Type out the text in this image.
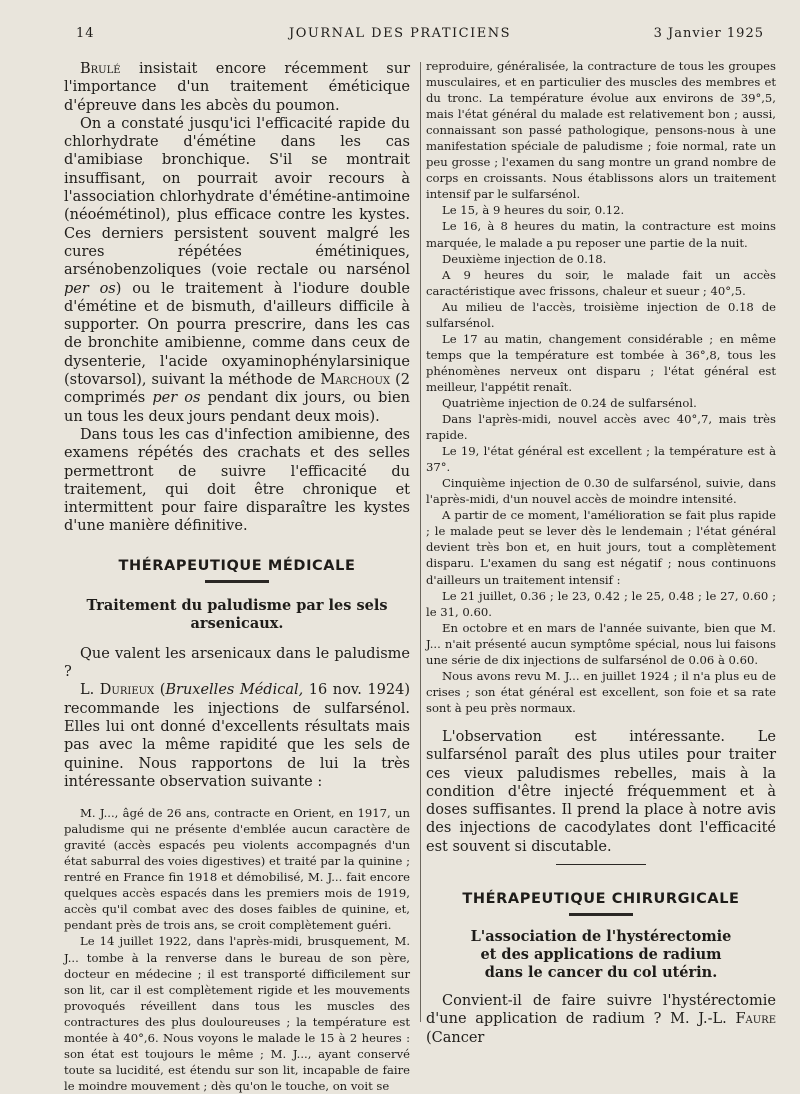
14	JOURNAL DES PRATICIENS	3 Janvier 1925

Brulé insistait encore récemment sur l'importance d'un traitement éméticique d'épreuve dans les abcès du poumon.

On a constaté jusqu'ici l'efficacité rapide du chlorhydrate d'émétine dans les cas d'amibiase bronchique. S'il se montrait insuffisant, on pourrait avoir recours à l'association chlorhydrate d'émétine-antimoine (néoémétinol), plus efficace contre les kystes. Ces derniers persistent souvent malgré les cures répétées émétiniques, arsénobenzoliques (voie rectale ou narsénol per os) ou le traitement à l'iodure double d'émétine et de bismuth, d'ailleurs difficile à supporter. On pourra prescrire, dans les cas de bronchite amibienne, comme dans ceux de dysenterie, l'acide oxyaminophénylarsinique (stovarsol), suivant la méthode de Marchoux (2 comprimés per os pendant dix jours, ou bien un tous les deux jours pendant deux mois).

Dans tous les cas d'infection amibienne, des examens répétés des crachats et des selles permettront de suivre l'efficacité du traitement, qui doit être chronique et intermittent pour faire disparaître les kystes d'une manière définitive.

THÉRAPEUTIQUE MÉDICALE
Traitement du paludisme par les sels arsenicaux.

Que valent les arsenicaux dans le paludisme ?

L. Durieux (Bruxelles Médical, 16 nov. 1924) recommande les injections de sulfarsénol. Elles lui ont donné d'excellents résultats mais pas avec la même rapidité que les sels de quinine. Nous rapportons de lui la très intéressante observation suivante :

M. J..., âgé de 26 ans, contracte en Orient, en 1917, un paludisme qui ne présente d'emblée aucun caractère de gravité (accès espacés peu violents accompagnés d'un état saburral des voies digestives) et traité par la quinine ; rentré en France fin 1918 et démobilisé, M. J... fait encore quelques accès espacés dans les premiers mois de 1919, accès qu'il combat avec des doses faibles de quinine, et, pendant près de trois ans, se croit complètement guéri.

Le 14 juillet 1922, dans l'après-midi, brusquement, M. J... tombe à la renverse dans le bureau de son père, docteur en médecine ; il est transporté difficilement sur son lit, car il est complètement rigide et les mouvements provoqués réveillent dans tous les muscles des contractures des plus douloureuses ; la température est montée à 40°,6. Nous voyons le malade le 15 à 2 heures : son état est toujours le même ; M. J..., ayant conservé toute sa lucidité, est étendu sur son lit, incapable de faire le moindre mouvement ; dès qu'on le touche, on voit se

reproduire, généralisée, la contracture de tous les groupes musculaires, et en particulier des muscles des membres et du tronc. La température évolue aux environs de 39°,5, mais l'état général du malade est relativement bon ; aussi, connaissant son passé pathologique, pensons-nous à une manifestation spéciale de paludisme ; foie normal, rate un peu grosse ; l'examen du sang montre un grand nombre de corps en croissants. Nous établissons alors un traitement intensif par le sulfarsénol.

Le 15, à 9 heures du soir, 0.12.

Le 16, à 8 heures du matin, la contracture est moins marquée, le malade a pu reposer une partie de la nuit.

Deuxième injection de 0.18.

A 9 heures du soir, le malade fait un accès caractéristique avec frissons, chaleur et sueur ; 40°,5.

Au milieu de l'accès, troisième injection de 0.18 de sulfarsénol.

Le 17 au matin, changement considérable ; en même temps que la température est tombée à 36°,8, tous les phénomènes nerveux ont disparu ; l'état général est meilleur, l'appétit renaît.

Quatrième injection de 0.24 de sulfarsénol.

Dans l'après-midi, nouvel accès avec 40°,7, mais très rapide.

Le 19, l'état général est excellent ; la température est à 37°.

Cinquième injection de 0.30 de sulfarsénol, suivie, dans l'après-midi, d'un nouvel accès de moindre intensité.

A partir de ce moment, l'amélioration se fait plus rapide ; le malade peut se lever dès le lendemain ; l'état général devient très bon et, en huit jours, tout a complètement disparu. L'examen du sang est négatif ; nous continuons d'ailleurs un traitement intensif :

Le 21 juillet, 0.36 ; le 23, 0.42 ; le 25, 0.48 ; le 27, 0.60 ; le 31, 0.60.

En octobre et en mars de l'année suivante, bien que M. J... n'ait présenté aucun symptôme spécial, nous lui faisons une série de dix injections de sulfarsénol de 0.06 à 0.60.

Nous avons revu M. J... en juillet 1924 ; il n'a plus eu de crises ; son état général est excellent, son foie et sa rate sont à peu près normaux.

L'observation est intéressante. Le sulfarsénol paraît des plus utiles pour traiter ces vieux paludismes rebelles, mais à la condition d'être injecté fréquemment et à doses suffisantes. Il prend la place à notre avis des injections de cacodylates dont l'efficacité est souvent si discutable.

THÉRAPEUTIQUE CHIRURGICALE
L'association de l'hystérectomie
et des applications de radium
dans le cancer du col utérin.

Convient-il de faire suivre l'hystérectomie d'une application de radium ? M. J.-L. Faure (Cancer
